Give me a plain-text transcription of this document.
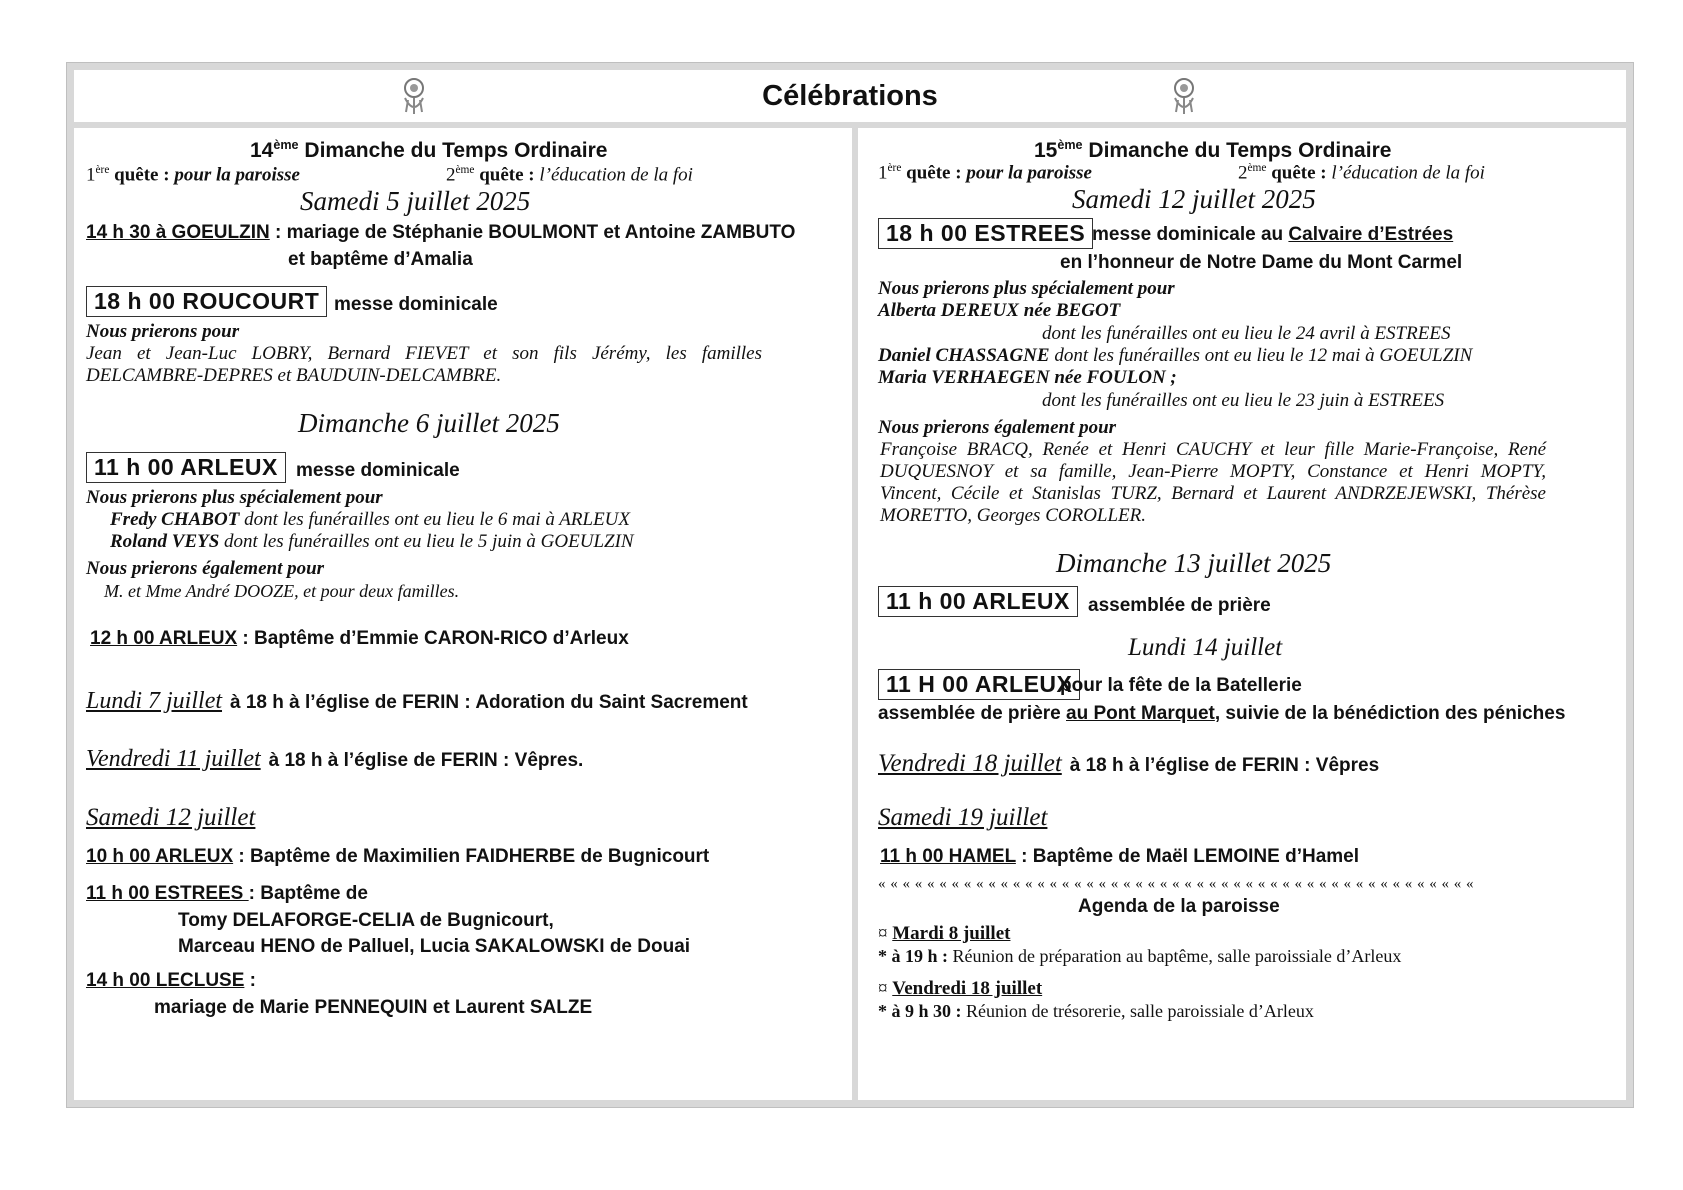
Célébrations
14ème Dimanche du Temps Ordinaire
1ère quête : pour la paroisse	2ème quête : l’éducation de la foi
Samedi 5 juillet 2025
14 h 30 à GOEULZIN : mariage de Stéphanie BOULMONT et Antoine ZAMBUTO
et baptême d’Amalia
18 h 00 ROUCOURT messe dominicale
Nous prierons pour
Jean et Jean-Luc LOBRY, Bernard FIEVET et son fils Jérémy, les familles DELCAMBRE-DEPRES et BAUDUIN-DELCAMBRE.
Dimanche 6 juillet 2025
11 h 00 ARLEUX messe dominicale
Nous prierons plus spécialement pour
Fredy CHABOT dont les funérailles ont eu lieu le 6 mai à ARLEUX
Roland VEYS dont les funérailles ont eu lieu le 5 juin à GOEULZIN
Nous prierons également pour
M. et Mme André DOOZE, et pour deux familles.
12 h 00 ARLEUX : Baptême d’Emmie CARON-RICO d’Arleux
Lundi 7 juillet à 18 h à l’église de FERIN : Adoration du Saint Sacrement
Vendredi 11 juillet à 18 h à l’église de FERIN : Vêpres.
Samedi 12 juillet
10 h 00 ARLEUX : Baptême de Maximilien FAIDHERBE de Bugnicourt
11 h 00 ESTREES : Baptême de
Tomy DELAFORGE-CELIA de Bugnicourt,
Marceau HENO de Palluel, Lucia SAKALOWSKI de Douai
14 h 00 LECLUSE :
mariage de Marie PENNEQUIN et Laurent SALZE
15ème Dimanche du Temps Ordinaire
1ère quête : pour la paroisse	2ème quête : l’éducation de la foi
Samedi 12 juillet 2025
18 h 00 ESTREES messe dominicale au Calvaire d’Estrées
en l’honneur de Notre Dame du Mont Carmel
Nous prierons plus spécialement pour
Alberta DEREUX née BEGOT
dont les funérailles ont eu lieu le 24 avril à ESTREES
Daniel CHASSAGNE dont les funérailles ont eu lieu le 12 mai à GOEULZIN
Maria VERHAEGEN née FOULON ;
dont les funérailles ont eu lieu le 23 juin à ESTREES
Nous prierons également pour
Françoise BRACQ, Renée et Henri CAUCHY et leur fille Marie-Françoise, René DUQUESNOY et sa famille, Jean-Pierre MOPTY, Constance et Henri MOPTY, Vincent, Cécile et Stanislas TURZ, Bernard et Laurent ANDRZEJEWSKI, Thérèse MORETTO, Georges COROLLER.
Dimanche 13 juillet 2025
11 h 00 ARLEUX assemblée de prière
Lundi 14 juillet
11 H 00 ARLEUX
pour la fête de la Batellerie
assemblée de prière au Pont Marquet, suivie de la bénédiction des péniches
Vendredi 18 juillet à 18 h à l’église de FERIN : Vêpres
Samedi 19 juillet
11 h 00 HAMEL : Baptême de Maël LEMOINE d’Hamel
« « « « « « « « « « « « « « « « « « « « « « « « « « « « « « « « « « « « « « « « « « « « « « « « «
Agenda de la paroisse
¤ Mardi 8 juillet
* à 19 h : Réunion de préparation au baptême, salle paroissiale d’Arleux
¤ Vendredi 18 juillet
* à 9 h 30 : Réunion de trésorerie, salle paroissiale d’Arleux
